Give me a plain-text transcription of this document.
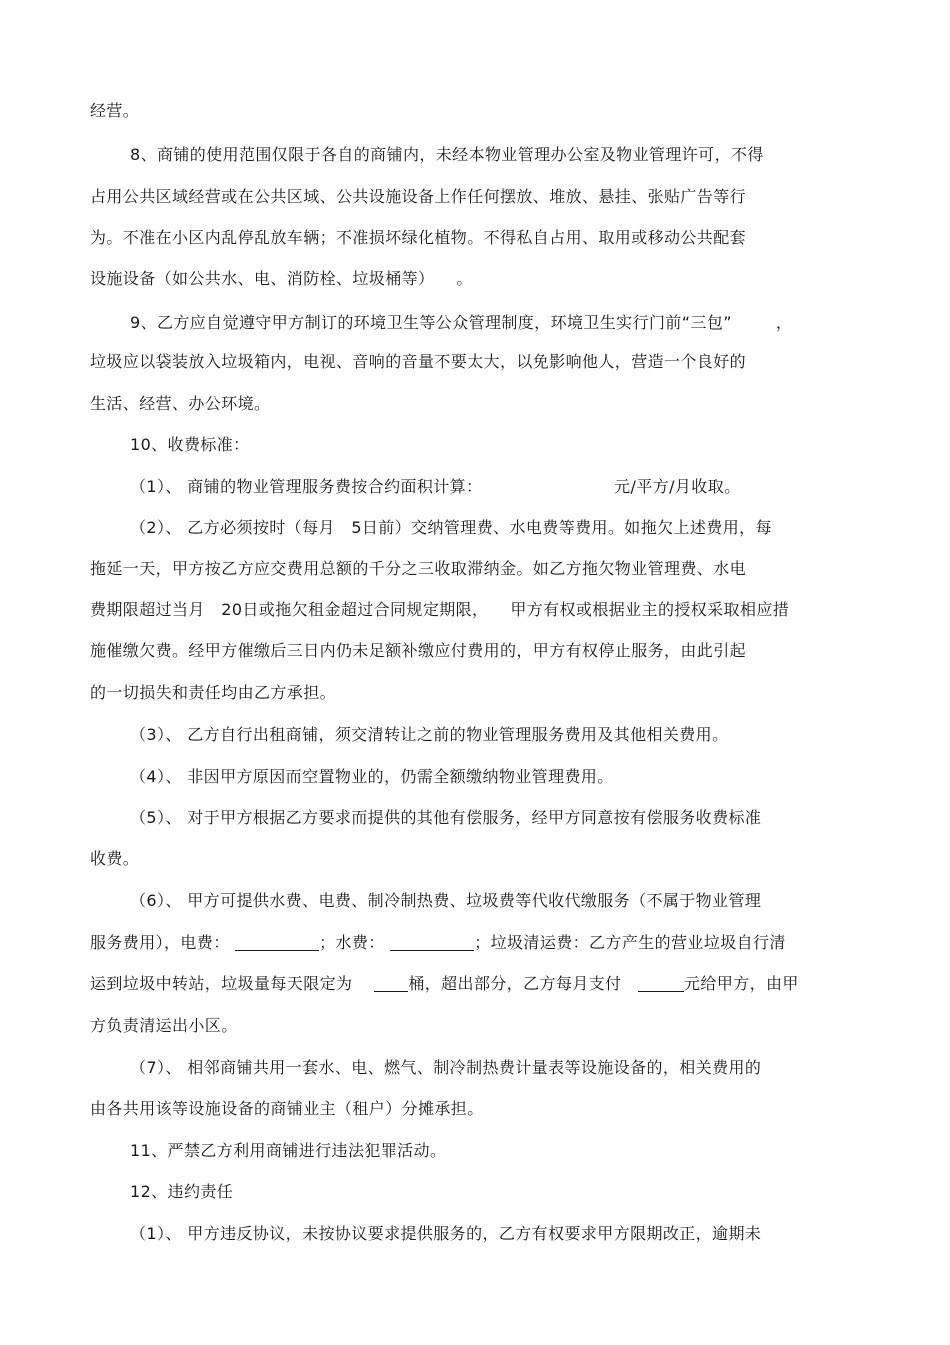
经营。
8、商铺的使用范围仅限于各自的商铺内，未经本物业管理办公室及物业管理许可，不得
占用公共区域经营或在公共区域、公共设施设备上作任何摆放、堆放、悬挂、张贴广告等行
为。不准在小区内乱停乱放车辆；不准损坏绿化植物。不得私自占用、取用或移动公共配套
设施设备（如公共水、电、消防栓、垃圾桶等）    。
9、乙方应自觉遵守甲方制订的环境卫生等公众管理制度，环境卫生实行门前“三包”        ，
垃圾应以袋装放入垃圾箱内，电视、音响的音量不要太大，以免影响他人，营造一个良好的
生活、经营、办公环境。
10、收费标准：
（1）、 商铺的物业管理服务费按合约面积计算：                        元/平方/月收取。
（2）、 乙方必须按时（每月   5日前）交纳管理费、水电费等费用。如拖欠上述费用，每
拖延一天，甲方按乙方应交费用总额的千分之三收取滞纳金。如乙方拖欠物业管理费、水电
费期限超过当月   20日或拖欠租金超过合同规定期限，    甲方有权或根据业主的授权采取相应措
施催缴欠费。经甲方催缴后三日内仍未足额补缴应付费用的，甲方有权停止服务，由此引起
的一切损失和责任均由乙方承担。
（3）、 乙方自行出租商铺，须交清转让之前的物业管理服务费用及其他相关费用。
（4）、 非因甲方原因而空置物业的，仍需全额缴纳物业管理费用。
（5）、 对于甲方根据乙方要求而提供的其他有偿服务，经甲方同意按有偿服务收费标准
收费。
（6）、 甲方可提供水费、电费、制冷制热费、垃圾费等代收代缴服务（不属于物业管理
服务费用），电费：	；水费：	；垃圾清运费：乙方产生的营业垃圾自行清
运到垃圾中转站，垃圾量每天限定为    桶，超出部分，乙方每月支付	元给甲方，由甲
方负责清运出小区。
（7）、 相邻商铺共用一套水、电、燃气、制冷制热费计量表等设施设备的，相关费用的
由各共用该等设施设备的商铺业主（租户）分摊承担。
11、严禁乙方利用商铺进行违法犯罪活动。
12、违约责任
（1）、 甲方违反协议，未按协议要求提供服务的，乙方有权要求甲方限期改正，逾期未
